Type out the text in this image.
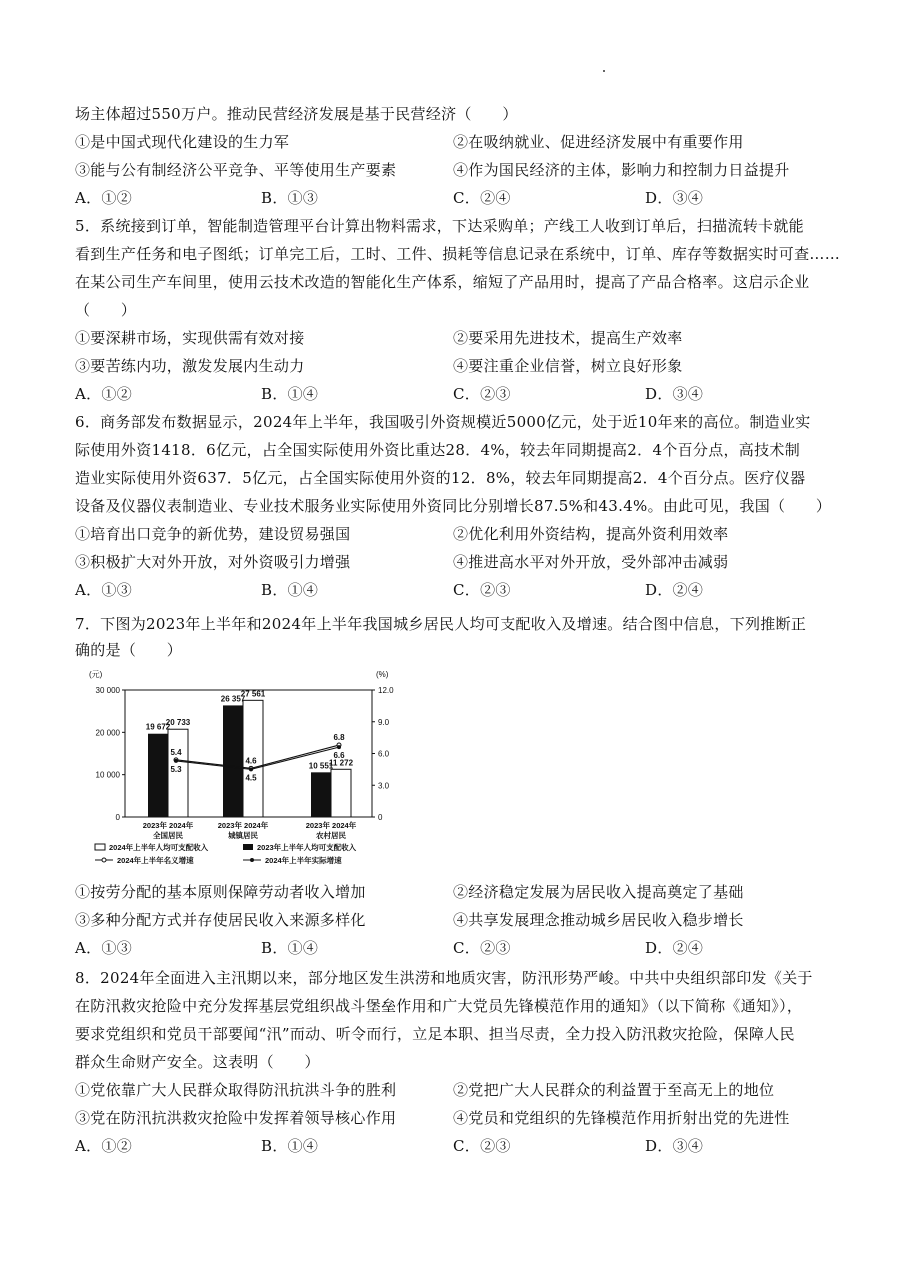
场主体超过550万户。推动民营经济发展是基于民营经济（　　）
①是中国式现代化建设的生力军	②在吸纳就业、促进经济发展中有重要作用
③能与公有制经济公平竞争、平等使用生产要素	④作为国民经济的主体，影响力和控制力日益提升
A．①②	B．①③	C．②④	D．③④
5．系统接到订单，智能制造管理平台计算出物料需求，下达采购单；产线工人收到订单后，扫描流转卡就能
看到生产任务和电子图纸；订单完工后，工时、工件、损耗等信息记录在系统中，订单、库存等数据实时可查……
在某公司生产车间里，使用云技术改造的智能化生产体系，缩短了产品用时，提高了产品合格率。这启示企业
（　　）
①要深耕市场，实现供需有效对接	②要采用先进技术，提高生产效率
③要苦练内功，激发发展内生动力	④要注重企业信誉，树立良好形象
A．①②	B．①④	C．②③	D．③④
6．商务部发布数据显示，2024年上半年，我国吸引外资规模近5000亿元，处于近10年来的高位。制造业实
际使用外资1418．6亿元，占全国实际使用外资比重达28．4%，较去年同期提高2．4个百分点，高技术制
造业实际使用外资637．5亿元，占全国实际使用外资的12．8%，较去年同期提高2．4个百分点。医疗仪器
设备及仪器仪表制造业、专业技术服务业实际使用外资同比分别增长87.5%和43.4%。由此可见，我国（　　）
①培育出口竞争的新优势，建设贸易强国	②优化利用外资结构，提高外资利用效率
③积极扩大对外开放，对外资吸引力增强	④推进高水平对外开放，受外部冲击减弱
A．①③	B．①④	C．②③	D．②④
7．下图为2023年上半年和2024年上半年我国城乡居民人均可支配收入及增速。结合图中信息，下列推断正
确的是（　　）
(元)	(%)
30 000
20 000
10 000
0
12.0
9.0
6.0
3.0
0
19 672
20 733
26 357
27 561
10 551
11 272
5.4
4.6
6.8
5.3
4.5
6.6
2023年 2024年
全国居民
2023年 2024年
城镇居民
2023年 2024年
农村居民
2024年上半年人均可支配收入	2023年上半年人均可支配收入
2024年上半年名义增速	2024年上半年实际增速
①按劳分配的基本原则保障劳动者收入增加	②经济稳定发展为居民收入提高奠定了基础
③多种分配方式并存使居民收入来源多样化	④共享发展理念推动城乡居民收入稳步增长
A．①③	B．①④	C．②③	D．②④
8．2024年全面进入主汛期以来，部分地区发生洪涝和地质灾害，防汛形势严峻。中共中央组织部印发《关于
在防汛救灾抢险中充分发挥基层党组织战斗堡垒作用和广大党员先锋模范作用的通知》（以下简称《通知》），
要求党组织和党员干部要闻“汛”而动、听令而行，立足本职、担当尽责，全力投入防汛救灾抢险，保障人民
群众生命财产安全。这表明（　　）
①党依靠广大人民群众取得防汛抗洪斗争的胜利	②党把广大人民群众的利益置于至高无上的地位
③党在防汛抗洪救灾抢险中发挥着领导核心作用	④党员和党组织的先锋模范作用折射出党的先进性
A．①②	B．①④	C．②③	D．③④
